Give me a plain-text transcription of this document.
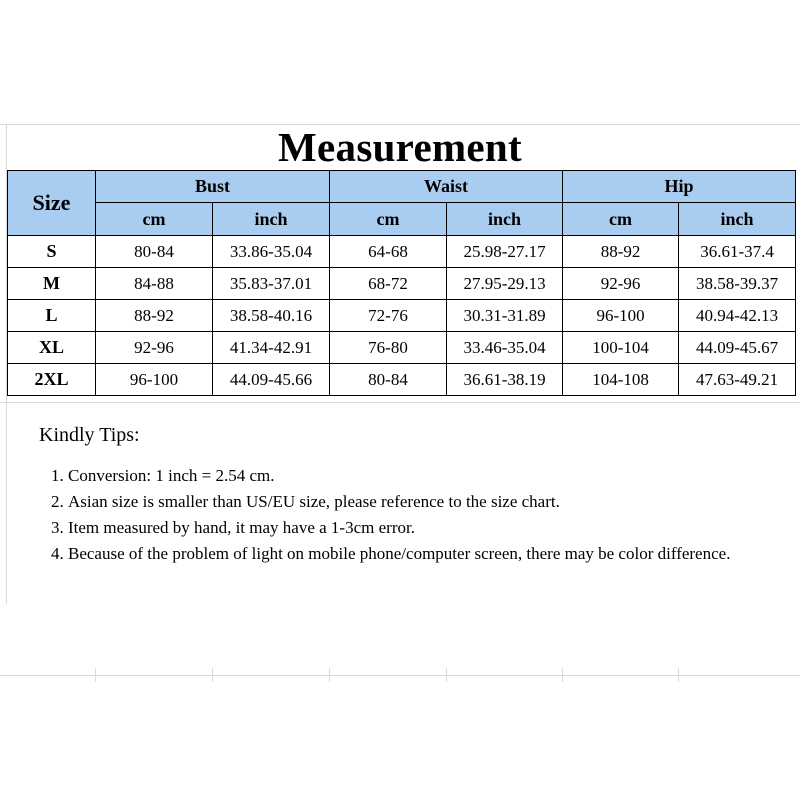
Measurement
Size	Bust		Waist		Hip	
	cm	inch	cm	inch	cm	inch
S	80-84	33.86-35.04	64-68	25.98-27.17	88-92	36.61-37.4
M	84-88	35.83-37.01	68-72	27.95-29.13	92-96	38.58-39.37
L	88-92	38.58-40.16	72-76	30.31-31.89	96-100	40.94-42.13
XL	92-96	41.34-42.91	76-80	33.46-35.04	100-104	44.09-45.67
2XL	96-100	44.09-45.66	80-84	36.61-38.19	104-108	47.63-49.21
Kindly Tips:
1. Conversion: 1 inch = 2.54 cm.
2. Asian size is smaller than US/EU size, please reference to the size chart.
3. Item measured by hand, it may have a 1-3cm error.
4. Because of the problem of light on mobile phone/computer screen, there may be color difference.
